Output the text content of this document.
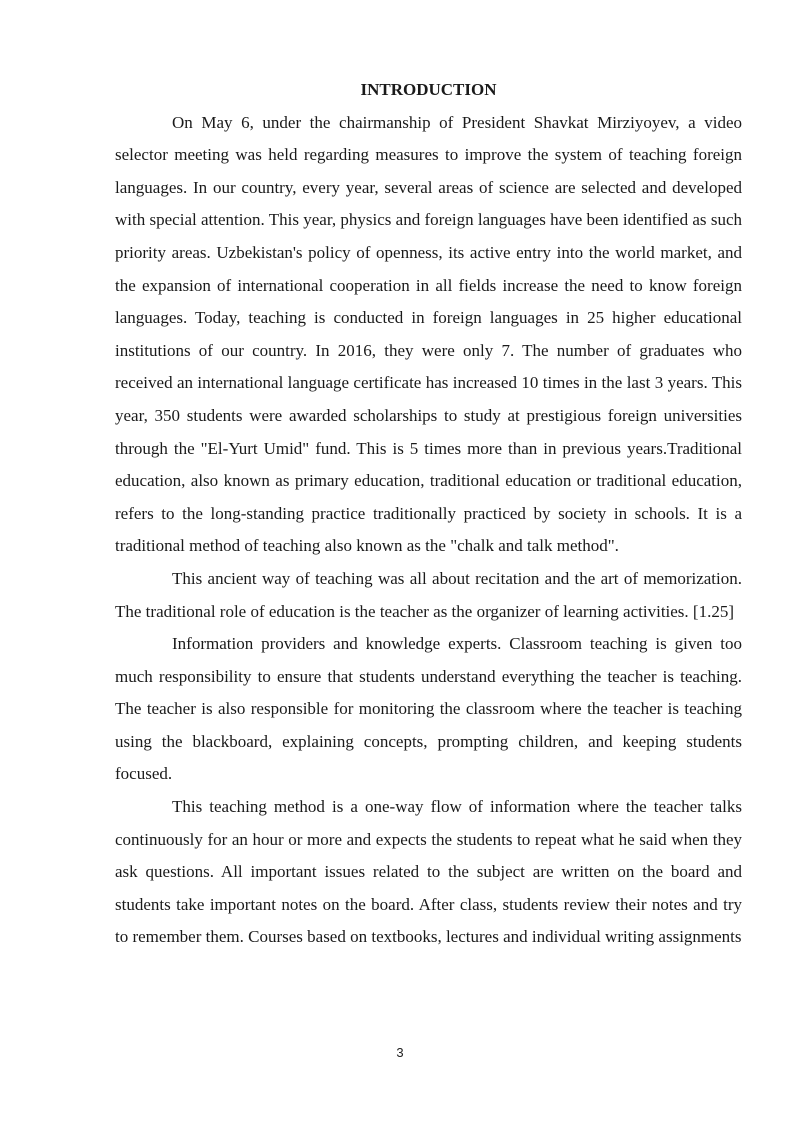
INTRODUCTION

On May 6, under the chairmanship of President Shavkat Mirziyoyev, a video selector meeting was held regarding measures to improve the system of teaching foreign languages. In our country, every year, several areas of science are selected and developed with special attention. This year, physics and foreign languages have been identified as such priority areas. Uzbekistan's policy of openness, its active entry into the world market, and the expansion of international cooperation in all fields increase the need to know foreign languages. Today, teaching is conducted in foreign languages in 25 higher educational institutions of our country. In 2016, they were only 7. The number of graduates who received an international language certificate has increased 10 times in the last 3 years. This year, 350 students were awarded scholarships to study at prestigious foreign universities through the "El-Yurt Umid" fund. This is 5 times more than in previous years.Traditional education, also known as primary education, traditional education or traditional education, refers to the long-standing practice traditionally practiced by society in schools. It is a traditional method of teaching also known as the "chalk and talk method".

This ancient way of teaching was all about recitation and the art of memorization. The traditional role of education is the teacher as the organizer of learning activities. [1.25]

Information providers and knowledge experts. Classroom teaching is given too much responsibility to ensure that students understand everything the teacher is teaching. The teacher is also responsible for monitoring the classroom where the teacher is teaching using the blackboard, explaining concepts, prompting children, and keeping students focused.

This teaching method is a one-way flow of information where the teacher talks continuously for an hour or more and expects the students to repeat what he said when they ask questions. All important issues related to the subject are written on the board and students take important notes on the board. After class, students review their notes and try to remember them. Courses based on textbooks, lectures and individual writing assignments

3
